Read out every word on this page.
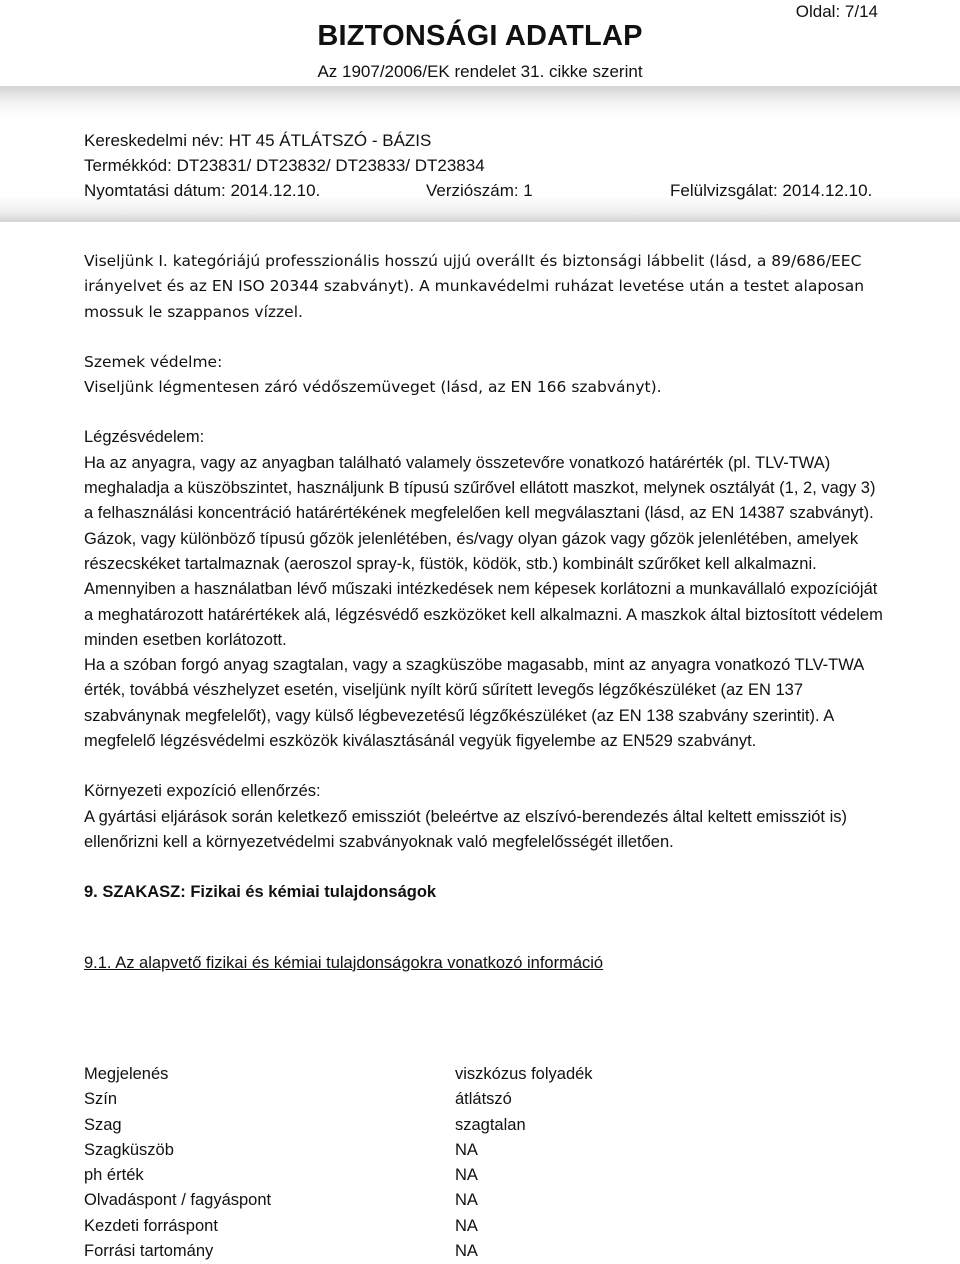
Oldal: 7/14
BIZTONSÁGI ADATLAP
Az 1907/2006/EK rendelet 31. cikke szerint
Kereskedelmi név: HT 45 ÁTLÁTSZÓ - BÁZIS
Termékkód: DT23831/ DT23832/ DT23833/ DT23834
Nyomtatási dátum: 2014.12.10.	Verziószám: 1	Felülvizsgálat: 2014.12.10.

Viseljünk I. kategóriájú professzionális hosszú ujjú overállt és biztonsági lábbelit (lásd, a 89/686/EEC irányelvet és az EN ISO 20344 szabványt). A munkavédelmi ruházat levetése után a testet alaposan mossuk le szappanos vízzel.

Szemek védelme:

Viseljünk légmentesen záró védőszemüveget (lásd, az EN 166 szabványt).

Légzésvédelem:

Ha az anyagra, vagy az anyagban található valamely összetevőre vonatkozó határérték (pl. TLV-TWA) meghaladja a küszöbszintet, használjunk B típusú szűrővel ellátott maszkot, melynek osztályát (1, 2, vagy 3) a felhasználási koncentráció határértékének megfelelően kell megválasztani (lásd, az EN 14387 szabványt). Gázok, vagy különböző típusú gőzök jelenlétében, és/vagy olyan gázok vagy gőzök jelenlétében, amelyek részecskéket tartalmaznak (aeroszol spray-k, füstök, ködök, stb.) kombinált szűrőket kell alkalmazni.

Amennyiben a használatban lévő műszaki intézkedések nem képesek korlátozni a munkavállaló expozícióját a meghatározott határértékek alá, légzésvédő eszközöket kell alkalmazni. A maszkok által biztosított védelem minden esetben korlátozott.

Ha a szóban forgó anyag szagtalan, vagy a szagküszöbe magasabb, mint az anyagra vonatkozó TLV-TWA érték, továbbá vészhelyzet esetén, viseljünk nyílt körű sűrített levegős légzőkészüléket (az EN 137 szabványnak megfelelőt), vagy külső légbevezetésű légzőkészüléket (az EN 138 szabvány szerintit). A megfelelő légzésvédelmi eszközök kiválasztásánál vegyük figyelembe az EN529 szabványt.

Környezeti expozíció ellenőrzés:

A gyártási eljárások során keletkező emissziót (beleértve az elszívó-berendezés által keltett emissziót is) ellenőrizni kell a környezetvédelmi szabványoknak való megfelelősségét illetően.

9. SZAKASZ: Fizikai és kémiai tulajdonságok

9.1. Az alapvető fizikai és kémiai tulajdonságokra vonatkozó információ

Megjelenés	viszkózus folyadék
Szín	átlátszó
Szag	szagtalan
Szagküszöb	NA
ph érték	NA
Olvadáspont / fagyáspont	NA
Kezdeti forráspont	NA
Forrási tartomány	NA
